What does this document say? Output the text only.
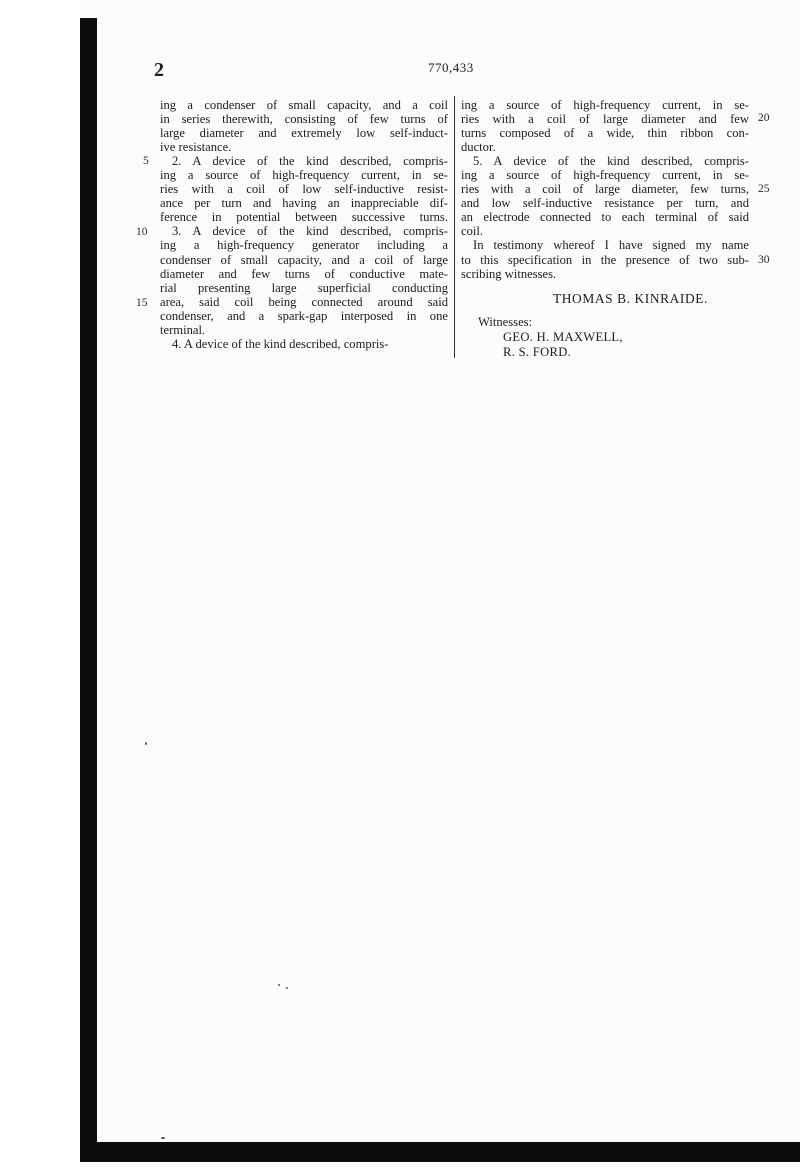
2	770,433
ing a condenser of small capacity, and a coil
in series therewith, consisting of few turns of
large diameter and extremely low self-induct-
ive resistance.
2. A device of the kind described, compris-
ing a source of high-frequency current, in se-
ries with a coil of low self-inductive resist-
ance per turn and having an inappreciable dif-
ference in potential between successive turns.
3. A device of the kind described, compris-
ing a high-frequency generator including a
condenser of small capacity, and a coil of large
diameter and few turns of conductive mate-
rial presenting large superficial conducting
area, said coil being connected around said
condenser, and a spark-gap interposed in one
terminal.
4. A device of the kind described, compris-
ing a source of high-frequency current, in se-
ries with a coil of large diameter and few
turns composed of a wide, thin ribbon con-
ductor.
5. A device of the kind described, compris-
ing a source of high-frequency current, in se-
ries with a coil of large diameter, few turns,
and low self-inductive resistance per turn, and
an electrode connected to each terminal of said
coil.
In testimony whereof I have signed my name
to this specification in the presence of two sub-
scribing witnesses.
5
10
15
20
25
30
THOMAS B. KINRAIDE.
Witnesses:
GEO. H. MAXWELL,
R. S. FORD.
